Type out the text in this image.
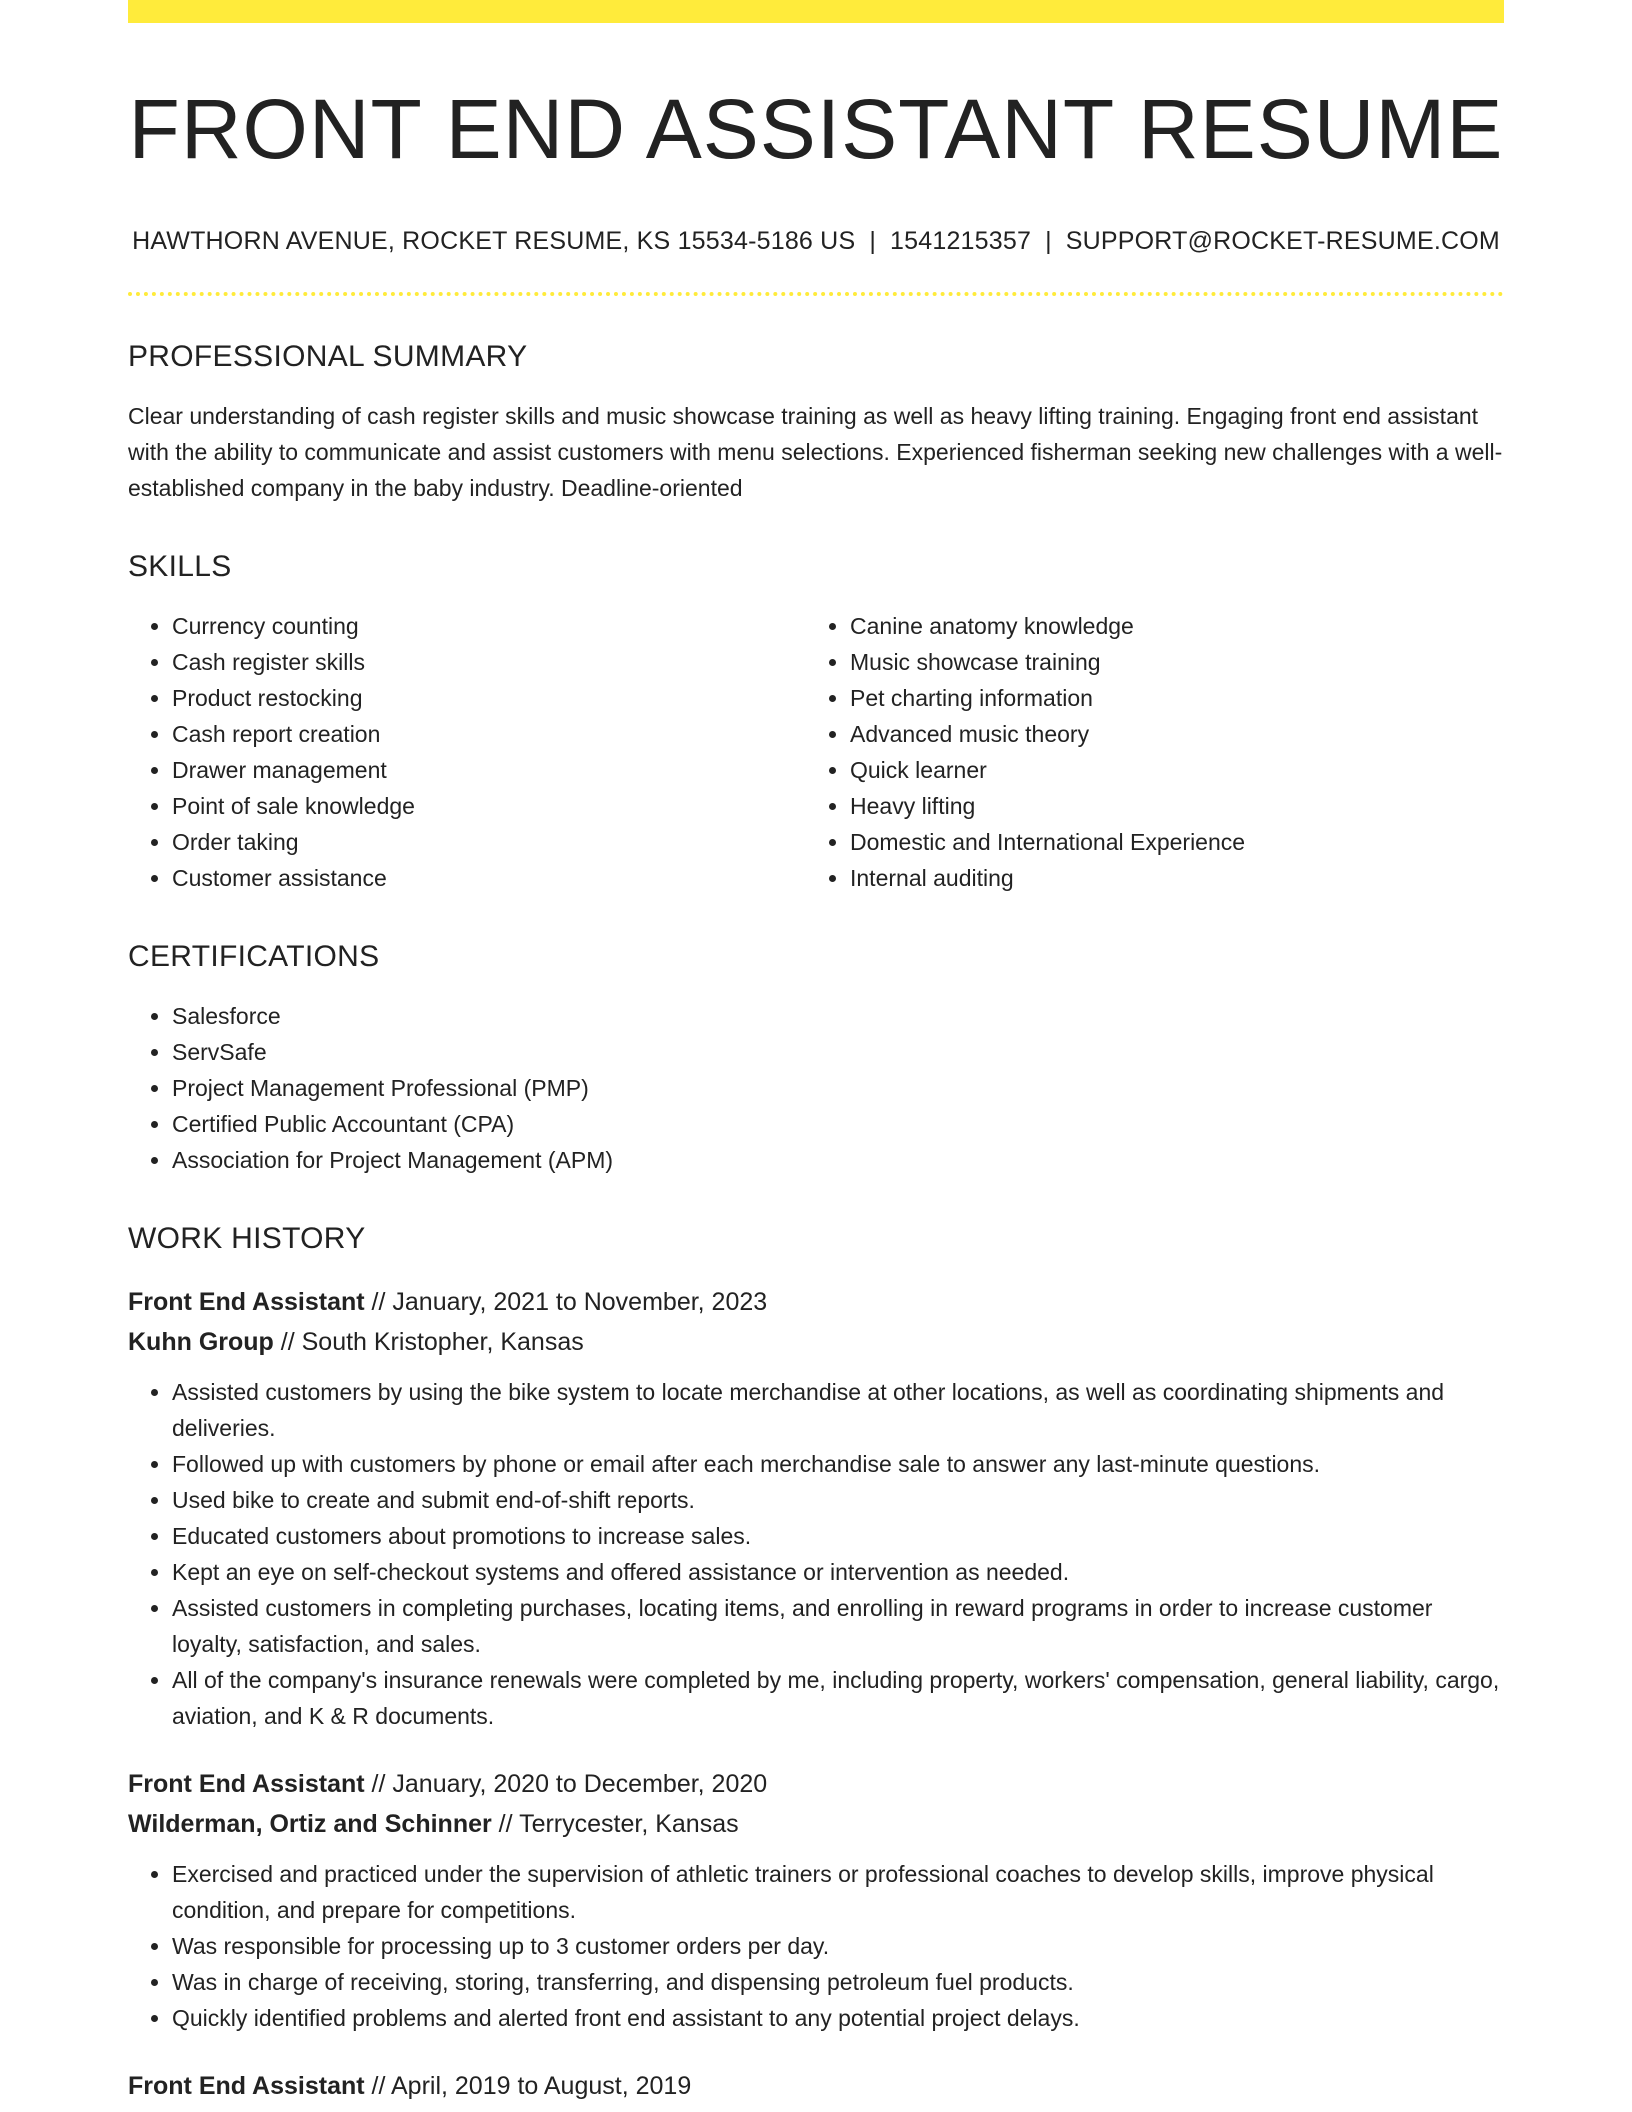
FRONT END ASSISTANT RESUME
HAWTHORN AVENUE, ROCKET RESUME, KS 15534-5186 US | 1541215357 | SUPPORT@ROCKET-RESUME.COM
PROFESSIONAL SUMMARY

Clear understanding of cash register skills and music showcase training as well as heavy lifting training. Engaging front end assistant with the ability to communicate and assist customers with menu selections. Experienced fisherman seeking new challenges with a well-established company in the baby industry. Deadline-oriented

SKILLS
• Currency counting
• Cash register skills
• Product restocking
• Cash report creation
• Drawer management
• Point of sale knowledge
• Order taking
• Customer assistance
• Canine anatomy knowledge
• Music showcase training
• Pet charting information
• Advanced music theory
• Quick learner
• Heavy lifting
• Domestic and International Experience
• Internal auditing
CERTIFICATIONS
• Salesforce
• ServSafe
• Project Management Professional (PMP)
• Certified Public Accountant (CPA)
• Association for Project Management (APM)
WORK HISTORY
Front End Assistant // January, 2021 to November, 2023
Kuhn Group // South Kristopher, Kansas
• Assisted customers by using the bike system to locate merchandise at other locations, as well as coordinating shipments and deliveries.
• Followed up with customers by phone or email after each merchandise sale to answer any last-minute questions.
• Used bike to create and submit end-of-shift reports.
• Educated customers about promotions to increase sales.
• Kept an eye on self-checkout systems and offered assistance or intervention as needed.
• Assisted customers in completing purchases, locating items, and enrolling in reward programs in order to increase customer loyalty, satisfaction, and sales.
• All of the company's insurance renewals were completed by me, including property, workers' compensation, general liability, cargo, aviation, and K & R documents.
Front End Assistant // January, 2020 to December, 2020
Wilderman, Ortiz and Schinner // Terrycester, Kansas
• Exercised and practiced under the supervision of athletic trainers or professional coaches to develop skills, improve physical condition, and prepare for competitions.
• Was responsible for processing up to 3 customer orders per day.
• Was in charge of receiving, storing, transferring, and dispensing petroleum fuel products.
• Quickly identified problems and alerted front end assistant to any potential project delays.
Front End Assistant // April, 2019 to August, 2019
